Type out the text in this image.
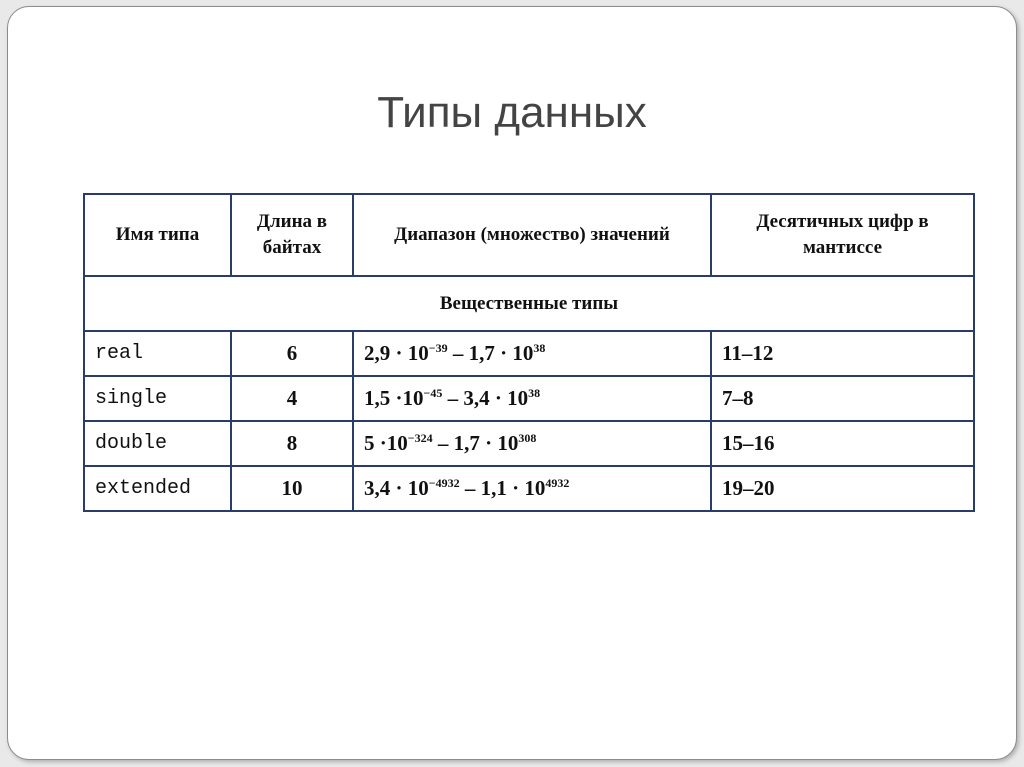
Типы данных
Имя типа	Длина в байтах	Диапазон (множество) значений	Десятичных цифр в мантиссе
Вещественные типы			
real	6	$2,9 \cdot 10^{-39} - 1,7 \cdot 10^{38}$	11–12
single	4	$1,5 \cdot 10^{-45} - 3,4 \cdot 10^{38}$	7–8
double	8	$5 \cdot 10^{-324} - 1,7 \cdot 10^{308}$	15–16
extended	10	$3,4 \cdot 10^{-4932} - 1,1 \cdot 10^{4932}$	19–20
